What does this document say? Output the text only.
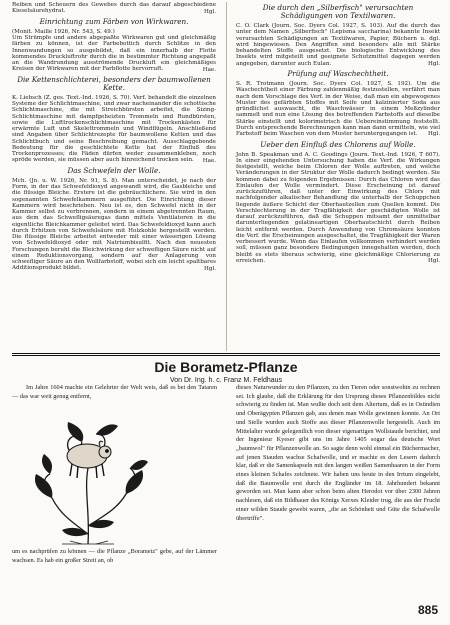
Reiben und Scheuern des Gewebes durch das darauf abgeschiedene Kieselsäurehydrat.	Hgl.

Einrichtung zum Färben von Wirkwaren.
(Monit. Maille 1926, Nr. 543, S. 49.)

Um Strümpfe und andere abgepaßte Wirkwaren gut und gleichmäßig färben zu können, ist der Farbebottich durch Schlitze in den Innenwandungen so ausgebildet, daß ein innerhalb der Flotte kommendes Druckluftrohr durch die in bestimmter Richtung angepaßt an die Wandrundung ausströmende Druckluft ein gleichmäßiges Kreisen der Wirkwaren mit der Farbflotte hervorruft.	Hae.

Die Kettenschlichterei, besonders der baumwollenen Kette.

K. Liebsch (Z. ges. Text.-Ind. 1926, S. 70). Verf. behandelt die einzelnen Systeme der Schlichtmaschine, und zwar nacheinander die schottische Schlichtmaschine, die mit Streichbürsten arbeitet, die Sizing-Schlichtmaschine mit dampfgeheizten Trommeln und Rundbürsten, sowie die Lufttrockenschlichtmaschine mit Trockenkästen für erwärmte Luft und Skelettrommeln und Windflügeln. Anschließend sind Angaben über Schlichtrezepte für baumwollene Ketten und das Schlichtbuch und seine Beschreibung gemacht. Ausschlaggebende Bedeutung für die geschlichtete Kette hat der Einfluß des Trockenprozesses; die Fäden dürfen weder zusammenkleben, noch spröde werden, sie müssen aber auch hinreichend trocken sein.	Hae.

Das Schwefeln der Wolle.

Mch. (Jn. u. W. 1926, Nr. 91, S. 8). Man unterscheidet, je nach der Form, in der das Schwefeldioxyd angewandt wird, die Gasbleiche und die flüssige Bleiche. Erstere ist die gebräuchlichere. Sie wird in den sogenannten Schwefelkammern ausgeführt. Die Einrichtung dieser Kammern wird beschrieben. Neu ist es, den Schwefel nicht in der Kammer selbst zu verbrennen, sondern in einem abgetrennten Raum, aus dem das Schwefligsäuregas dann mittels Ventilatoren in die eigentliche Bleichkammer geleitet wird. Das Schwefeldioxyd kann auch durch Erhitzen von Schwefelsäure mit Holzkohle hergestellt werden. Die flüssige Bleiche arbeitet entweder mit einer wässerigen Lösung von Schwefeldioxyd oder mit Natriumbisulfit. Nach den neuesten Forschungen beruht die Bleichwirkung der schwefligen Säure nicht auf einem Reduktionsvorgang, sondern auf der Anlagerung von schwefliger Säure an den Wollfarbstoff, wobei sich ein leicht spaltbares Additionsprodukt bildet.	Hgl.

Die durch den „Silberfisch" verursachten Schädigungen von Textilwaren.

C. O. Clark (Journ. Soc. Dyers Col. 1927, S. 103). Auf die durch das unter dem Namen „Silberfisch" (Lepisma saccharina) bekannte Insekt verursachten Schädigungen an Textilwaren, Papier, Büchern u. dgl. wird hingewiesen. Den Angriffen sind besonders alle mit Stärke behandelten Stoffe ausgesetzt. Die biologische Entwicklung des Insekts wird mitgeteilt und geeignete Schutzmittel dagegen werden angegeben, darunter auch Eulan.	Hgl.

Prüfung auf Waschechtheit.

S. R. Trotmann (Journ. Soc. Dyers Col. 1927, S. 192). Um die Waschechtheit einer Färbung zahlenmäßig festzustellen, verfährt man nach dem Vorschlage des Verf. in der Weise, daß man ein abgewogenes Muster des gefärbten Stoffes mit Seife und kalzinierter Soda aus gründlichst auswascht, die Waschwässer in einem Meßzylinder sammelt und nun eine Lösung des betreffenden Farbstoffs auf dieselbe Stärke einstellt und kolorimetrisch die Uebereinstimmung feststellt. Durch entsprechende Berechnungen kann man dann ermitteln, wie viel Farbstoff beim Waschen von dem Muster heruntergegangen ist.	Hgl.

Ueber den Einfluß des Chlorens auf Wolle.

John B. Speakman und A. C. Goodings (Journ. Text.-Ind. 1926, T 607). In einer eingehenden Untersuchung haben die Verf. die Wirkungen festgestellt, welche beim Chloren der Wolle auftreten, und welche Veränderungen in der Struktur der Wolle dadurch bedingt werden. Sie kommen dabei zu folgenden Ergebnissen: Durch das Chloren wird das Einlaufen der Wolle vermindert. Diese Erscheinung ist darauf zurückzuführen, daß unter der Einwirkung des Chlors mit nachfolgender alkalischer Behandlung die unterhalb der Schuppchen liegende äußere Schicht der Oberhautzellen zum Quellen kommt. Die Verschlechterung in der Tragfähigkeit der geschädigten Wolle ist darauf zurückzuführen, daß die Schuppen mitsamt der unmittelbar darunterliegenden gelatineartigen Oberhautschicht durch Reiben leicht entfernt werden. Durch Anwendung von Chromsäure konnten die Verf. die Erscheinungen ausgeschaltet, die Tragfähigkeit der Waren verbessert wurde. Wenn das Einlaufen vollkommen verhindert werden soll, müssen ganz besondere Bedingungen innegehalten werden, doch bleibt es stets überaus schwierig, eine gleichmäßige Chlorierung zu erreichen.	Hgl.

Die Borametz-Pflanze
Von Dr. Ing. h. c. Franz M. Feldhaus
Im Jahre 1604 machte ein Gelehrter der Welt weis, daß es bei den Tataren — das war weit genug entfernt,
um es nachprüfen zu können — die Pflanze „Borametz" gebe, auf der Lämmer wachsen. Es hab ein großer Streit an, ob
dieses Naturwunder zu den Pflanzen, zu den Tieren oder sonstwohin zu rechnen sei. Ich glaube, daß die Erklärung für den Ursprung dieses Pflanzenbildes nicht schwierig zu finden ist. Man wußte doch seit dem Altertum, daß es in Ostindien und Oberägypten Pflanzen gab, aus denen man Wolle gewinnen konnte. An Ort und Stelle wurden auch Stoffe aus dieser Pflanzenwolle hergestellt. Auch im Mittelalter wurde gelegentlich von dieser eigenartigen Wollstaude berichtet, und der Ingenieur Kyeser gibt uns im Jahre 1405 sogar das deutsche Wort „baumwol" für Pflanzenwolle an. So sagte denn wohl einmal ein Büchermacher, auf jenen Stauden wachse Schafwolle, und er machte es den Lesern dadurch klar, daß er die Samenkapseln mit den langen weißen Samenhaaren in der Form eines kleinen Schafes zeichnete. Wir haben uns heute in den Irrtum eingelebt, daß die Baumwolle erst durch die Engländer im 18. Jahrhundert bekannt geworden sei. Man kann aber schon beim alten Herodot vor über 2300 Jahren nachlesen, daß ein Bildhauer des Königs Xerxes Kleider trug, die aus der Frucht einer wilden Staude gewebt waren, „die an Schönheit und Güte die Schafwolle übertriffe".
885
